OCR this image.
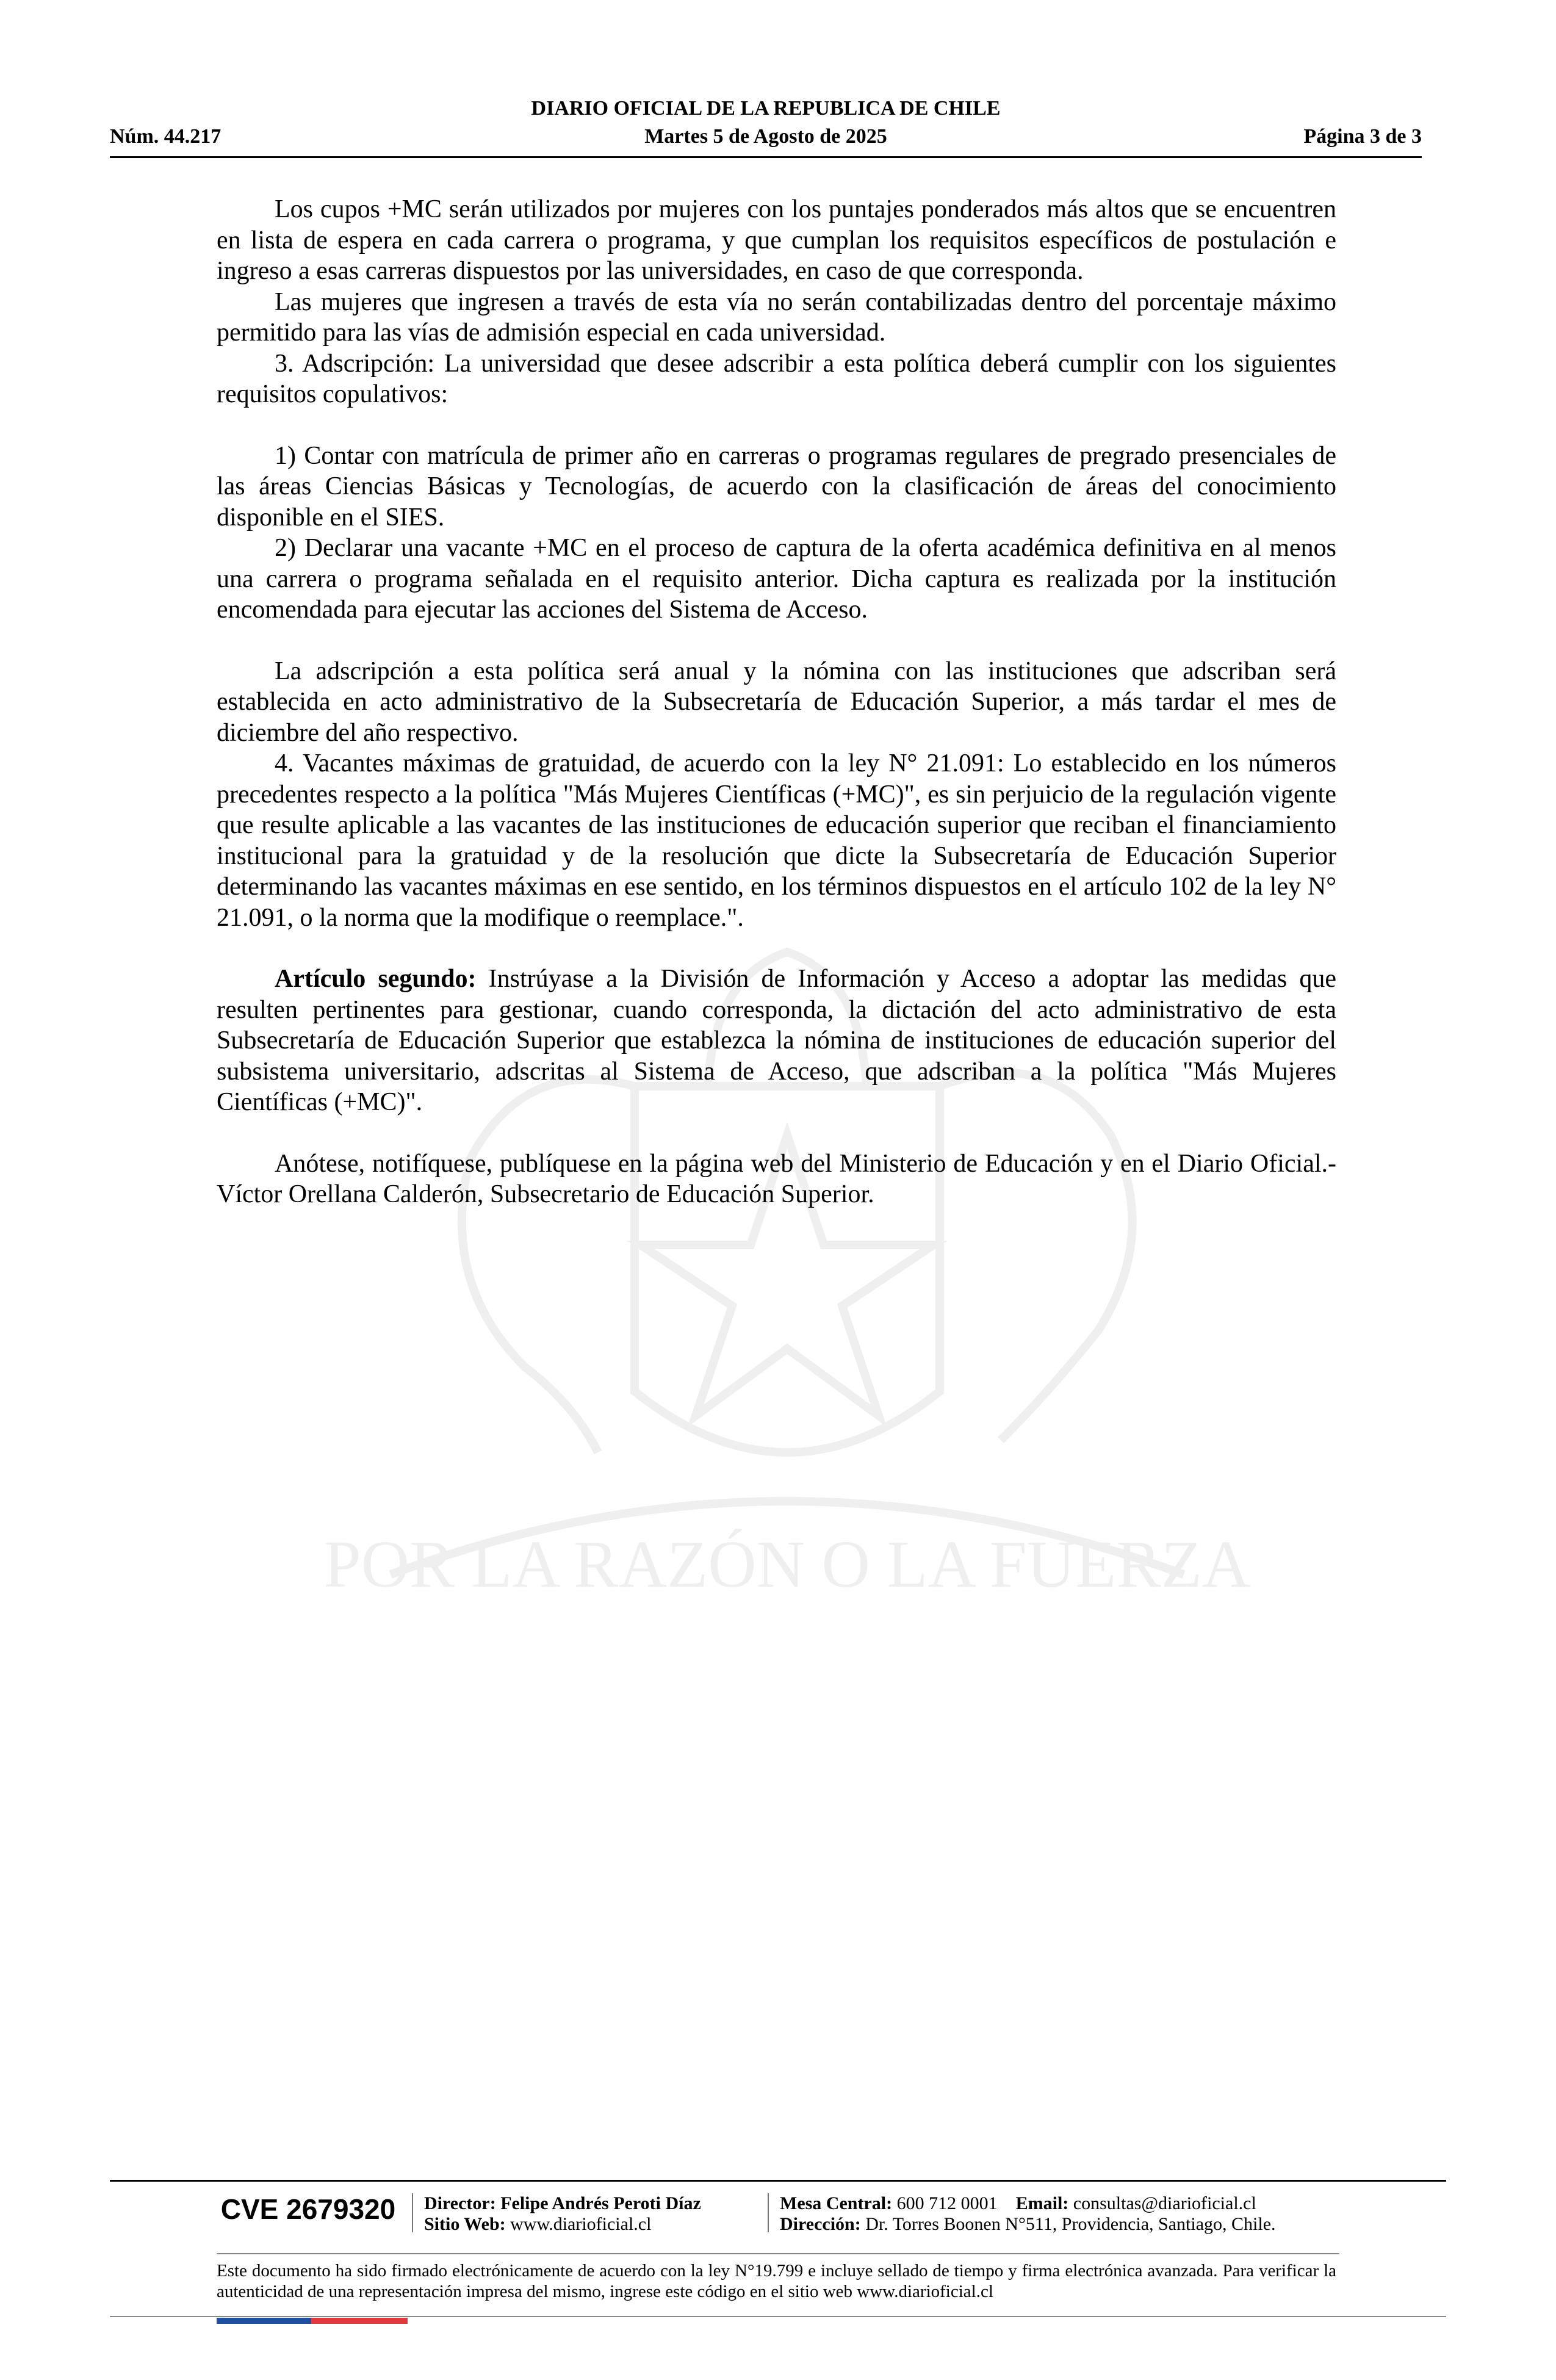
DIARIO OFICIAL DE LA REPUBLICA DE CHILE
Núm. 44.217	Martes 5 de Agosto de 2025	Página 3 de 3
POR LA RAZÓN O LA FUERZA

Los cupos +MC serán utilizados por mujeres con los puntajes ponderados más altos que se encuentren en lista de espera en cada carrera o programa, y que cumplan los requisitos específicos de postulación e ingreso a esas carreras dispuestos por las universidades, en caso de que corresponda.

Las mujeres que ingresen a través de esta vía no serán contabilizadas dentro del porcentaje máximo permitido para las vías de admisión especial en cada universidad.

3. Adscripción: La universidad que desee adscribir a esta política deberá cumplir con los siguientes requisitos copulativos:

1) Contar con matrícula de primer año en carreras o programas regulares de pregrado presenciales de las áreas Ciencias Básicas y Tecnologías, de acuerdo con la clasificación de áreas del conocimiento disponible en el SIES.

2) Declarar una vacante +MC en el proceso de captura de la oferta académica definitiva en al menos una carrera o programa señalada en el requisito anterior. Dicha captura es realizada por la institución encomendada para ejecutar las acciones del Sistema de Acceso.

La adscripción a esta política será anual y la nómina con las instituciones que adscriban será establecida en acto administrativo de la Subsecretaría de Educación Superior, a más tardar el mes de diciembre del año respectivo.

4. Vacantes máximas de gratuidad, de acuerdo con la ley N° 21.091: Lo establecido en los números precedentes respecto a la política "Más Mujeres Científicas (+MC)", es sin perjuicio de la regulación vigente que resulte aplicable a las vacantes de las instituciones de educación superior que reciban el financiamiento institucional para la gratuidad y de la resolución que dicte la Subsecretaría de Educación Superior determinando las vacantes máximas en ese sentido, en los términos dispuestos en el artículo 102 de la ley N° 21.091, o la norma que la modifique o reemplace.".

Artículo segundo: Instrúyase a la División de Información y Acceso a adoptar las medidas que resulten pertinentes para gestionar, cuando corresponda, la dictación del acto administrativo de esta Subsecretaría de Educación Superior que establezca la nómina de instituciones de educación superior del subsistema universitario, adscritas al Sistema de Acceso, que adscriban a la política "Más Mujeres Científicas (+MC)".

Anótese, notifíquese, publíquese en la página web del Ministerio de Educación y en el Diario Oficial.- Víctor Orellana Calderón, Subsecretario de Educación Superior.

CVE 2679320	Director: Felipe Andrés Peroti Díaz
Sitio Web: www.diarioficial.cl
Mesa Central: 600 712 0001 Email: consultas@diarioficial.cl
Dirección: Dr. Torres Boonen N°511, Providencia, Santiago, Chile.
Este documento ha sido firmado electrónicamente de acuerdo con la ley N°19.799 e incluye sellado de tiempo y firma electrónica avanzada. Para verificar la autenticidad de una representación impresa del mismo, ingrese este código en el sitio web www.diarioficial.cl
